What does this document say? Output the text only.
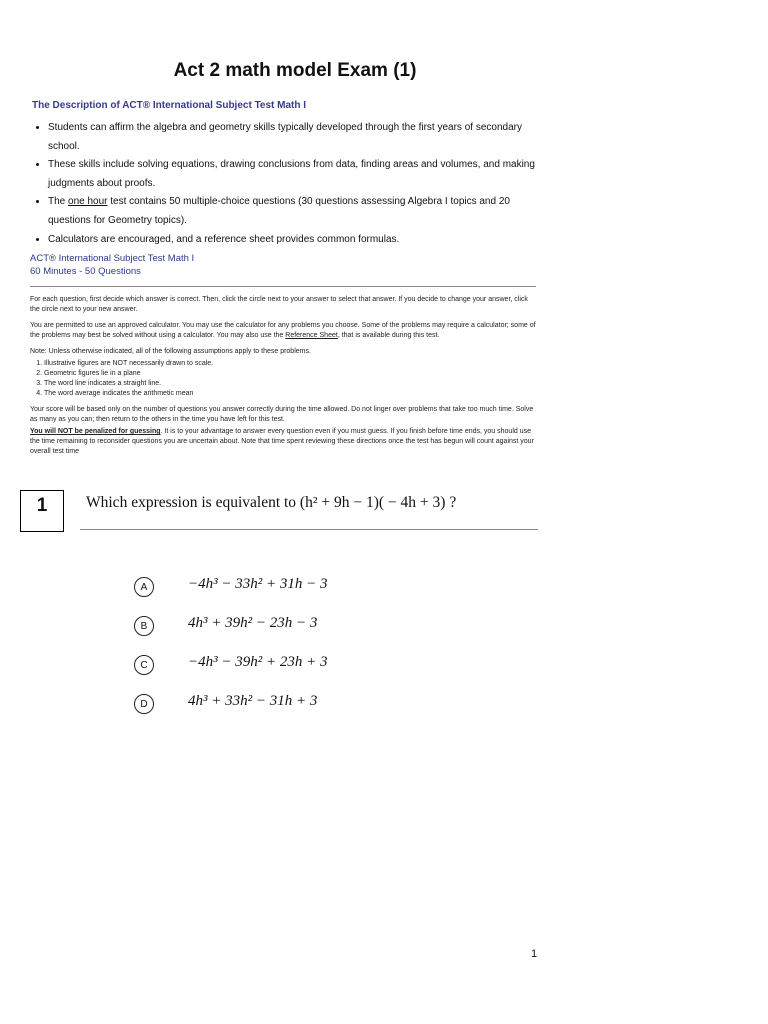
Act 2 math model Exam (1)
The Description of ACT® International Subject Test Math I
• Students can affirm the algebra and geometry skills typically developed through the first years of secondary school.
• These skills include solving equations, drawing conclusions from data, finding areas and volumes, and making judgments about proofs.
• The one hour test contains 50 multiple-choice questions (30 questions assessing Algebra I topics and 20 questions for Geometry topics).
• Calculators are encouraged, and a reference sheet provides common formulas.
ACT® International Subject Test Math I
60 Minutes - 50 Questions

For each question, first decide which answer is correct. Then, click the circle next to your answer to select that answer. If you decide to change your answer, click the circle next to your new answer.

You are permitted to use an approved calculator. You may use the calculator for any problems you choose. Some of the problems may require a calculator; some of the problems may best be solved without using a calculator. You may also use the Reference Sheet, that is available during this test.

Note: Unless otherwise indicated, all of the following assumptions apply to these problems.

1. Illustrative figures are NOT necessarily drawn to scale.
2. Geometric figures lie in a plane
3. The word line indicates a straight line.
4. The word average indicates the arithmetic mean

Your score will be based only on the number of questions you answer correctly during the time allowed. Do not linger over problems that take too much time. Solve as many as you can; then return to the others in the time you have left for this test.

You will NOT be penalized for guessing. It is to your advantage to answer every question even if you must guess. If you finish before time ends, you should use the time remaining to reconsider questions you are uncertain about. Note that time spent reviewing these directions once the test has begun will count against your overall test time

1	Which expression is equivalent to (h² + 9h − 1)( − 4h + 3) ?
A	−4h³ − 33h² + 31h − 3
B	4h³ + 39h² − 23h − 3
C	−4h³ − 39h² + 23h + 3
D	4h³ + 33h² − 31h + 3
1
